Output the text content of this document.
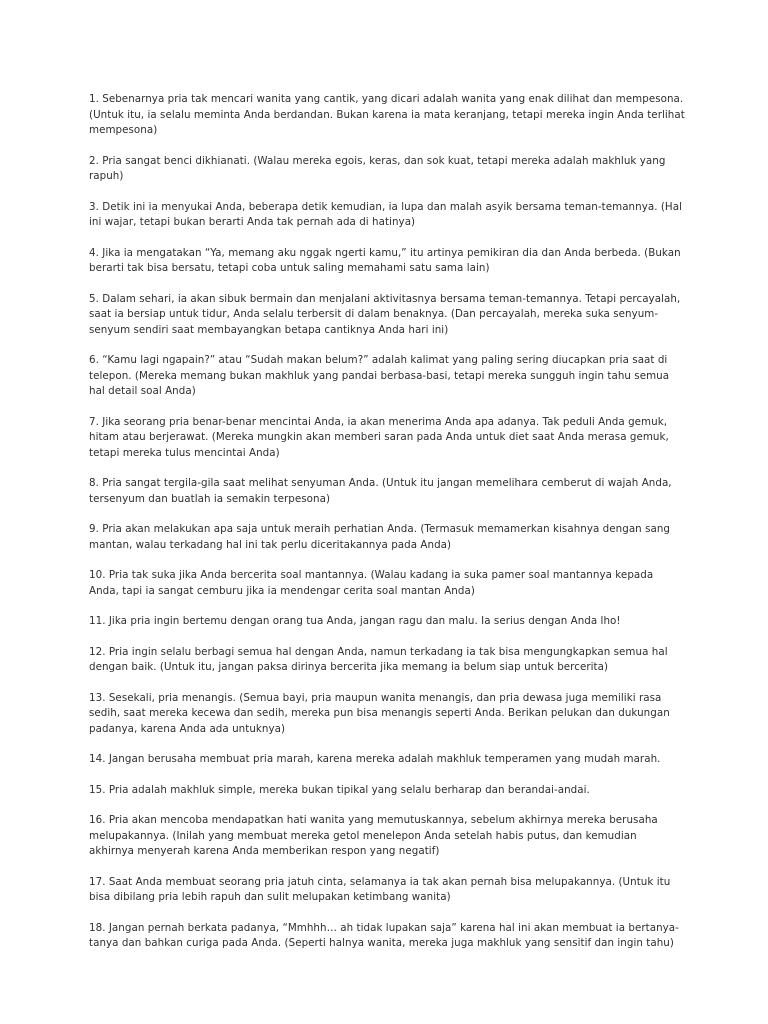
1. Sebenarnya pria tak mencari wanita yang cantik, yang dicari adalah wanita yang enak dilihat dan mempesona. (Untuk itu, ia selalu meminta Anda berdandan. Bukan karena ia mata keranjang, tetapi mereka ingin Anda terlihat mempesona)

2. Pria sangat benci dikhianati. (Walau mereka egois, keras, dan sok kuat, tetapi mereka adalah makhluk yang rapuh)

3. Detik ini ia menyukai Anda, beberapa detik kemudian, ia lupa dan malah asyik bersama teman-temannya. (Hal ini wajar, tetapi bukan berarti Anda tak pernah ada di hatinya)

4. Jika ia mengatakan “Ya, memang aku nggak ngerti kamu,” itu artinya pemikiran dia dan Anda berbeda. (Bukan berarti tak bisa bersatu, tetapi coba untuk saling memahami satu sama lain)

5. Dalam sehari, ia akan sibuk bermain dan menjalani aktivitasnya bersama teman-temannya. Tetapi percayalah, saat ia bersiap untuk tidur, Anda selalu terbersit di dalam benaknya. (Dan percayalah, mereka suka senyum-senyum sendiri saat membayangkan betapa cantiknya Anda hari ini)

6. “Kamu lagi ngapain?” atau “Sudah makan belum?” adalah kalimat yang paling sering diucapkan pria saat di telepon. (Mereka memang bukan makhluk yang pandai berbasa-basi, tetapi mereka sungguh ingin tahu semua hal detail soal Anda)

7. Jika seorang pria benar-benar mencintai Anda, ia akan menerima Anda apa adanya. Tak peduli Anda gemuk, hitam atau berjerawat. (Mereka mungkin akan memberi saran pada Anda untuk diet saat Anda merasa gemuk, tetapi mereka tulus mencintai Anda)

8. Pria sangat tergila-gila saat melihat senyuman Anda. (Untuk itu jangan memelihara cemberut di wajah Anda, tersenyum dan buatlah ia semakin terpesona)

9. Pria akan melakukan apa saja untuk meraih perhatian Anda. (Termasuk memamerkan kisahnya dengan sang mantan, walau terkadang hal ini tak perlu diceritakannya pada Anda)

10. Pria tak suka jika Anda bercerita soal mantannya. (Walau kadang ia suka pamer soal mantannya kepada Anda, tapi ia sangat cemburu jika ia mendengar cerita soal mantan Anda)

11. Jika pria ingin bertemu dengan orang tua Anda, jangan ragu dan malu. Ia serius dengan Anda lho!

12. Pria ingin selalu berbagi semua hal dengan Anda, namun terkadang ia tak bisa mengungkapkan semua hal dengan baik. (Untuk itu, jangan paksa dirinya bercerita jika memang ia belum siap untuk bercerita)

13. Sesekali, pria menangis. (Semua bayi, pria maupun wanita menangis, dan pria dewasa juga memiliki rasa sedih, saat mereka kecewa dan sedih, mereka pun bisa menangis seperti Anda. Berikan pelukan dan dukungan padanya, karena Anda ada untuknya)

14. Jangan berusaha membuat pria marah, karena mereka adalah makhluk temperamen yang mudah marah.

15. Pria adalah makhluk simple, mereka bukan tipikal yang selalu berharap dan berandai-andai.

16. Pria akan mencoba mendapatkan hati wanita yang memutuskannya, sebelum akhirnya mereka berusaha melupakannya. (Inilah yang membuat mereka getol menelepon Anda setelah habis putus, dan kemudian akhirnya menyerah karena Anda memberikan respon yang negatif)

17. Saat Anda membuat seorang pria jatuh cinta, selamanya ia tak akan pernah bisa melupakannya. (Untuk itu bisa dibilang pria lebih rapuh dan sulit melupakan ketimbang wanita)

18. Jangan pernah berkata padanya, “Mmhhh… ah tidak lupakan saja” karena hal ini akan membuat ia bertanya-tanya dan bahkan curiga pada Anda. (Seperti halnya wanita, mereka juga makhluk yang sensitif dan ingin tahu)
